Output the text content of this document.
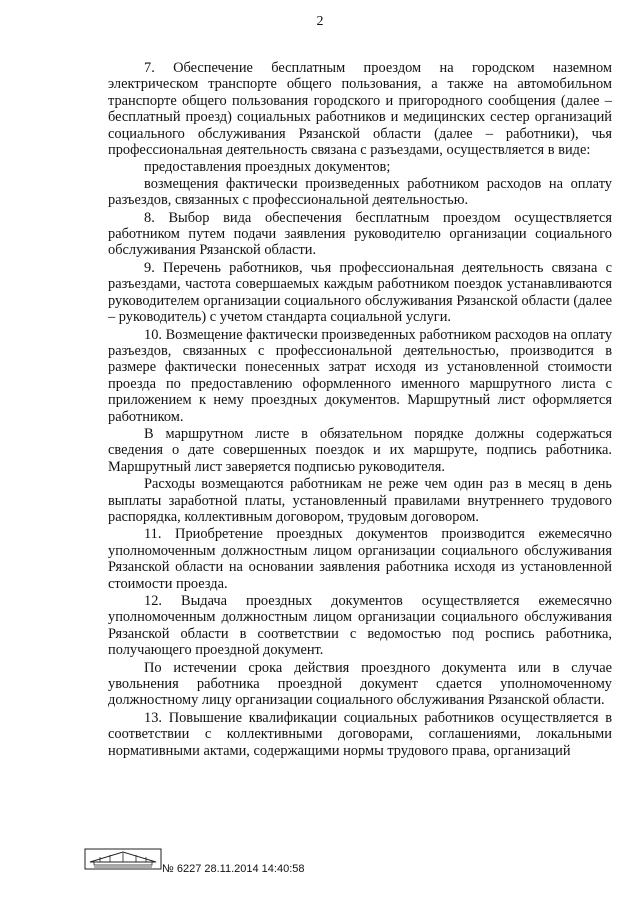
2

7. Обеспечение бесплатным проездом на городском наземном электрическом транспорте общего пользования, а также на автомобильном транспорте общего пользования городского и пригородного сообщения (далее – бесплатный проезд) социальных работников и медицинских сестер организаций социального обслуживания Рязанской области (далее – работники), чья профессиональная деятельность связана с разъездами, осуществляется в виде:

предоставления проездных документов;

возмещения фактически произведенных работником расходов на оплату разъездов, связанных с профессиональной деятельностью.

8. Выбор вида обеспечения бесплатным проездом осуществляется работником путем подачи заявления руководителю организации социального обслуживания Рязанской области.

9. Перечень работников, чья профессиональная деятельность связана с разъездами, частота совершаемых каждым работником поездок устанавливаются руководителем организации социального обслуживания Рязанской области (далее – руководитель) с учетом стандарта социальной услуги.

10. Возмещение фактически произведенных работником расходов на оплату разъездов, связанных с профессиональной деятельностью, производится в размере фактически понесенных затрат исходя из установленной стоимости проезда по предоставлению оформленного именного маршрутного листа с приложением к нему проездных документов. Маршрутный лист оформляется работником.

В маршрутном листе в обязательном порядке должны содержаться сведения о дате совершенных поездок и их маршруте, подпись работника. Маршрутный лист заверяется подписью руководителя.

Расходы возмещаются работникам не реже чем один раз в месяц в день выплаты заработной платы, установленный правилами внутреннего трудового распорядка, коллективным договором, трудовым договором.

11. Приобретение проездных документов производится ежемесячно уполномоченным должностным лицом организации социального обслуживания Рязанской области на основании заявления работника исходя из установленной стоимости проезда.

12. Выдача проездных документов осуществляется ежемесячно уполномоченным должностным лицом организации социального обслуживания Рязанской области в соответствии с ведомостью под роспись работника, получающего проездной документ.

По истечении срока действия проездного документа или в случае увольнения работника проездной документ сдается уполномоченному должностному лицу организации социального обслуживания Рязанской области.

13. Повышение квалификации социальных работников осуществляется в соответствии с коллективными договорами, соглашениями, локальными нормативными актами, содержащими нормы трудового права, организаций

№ 6227 28.11.2014 14:40:58
